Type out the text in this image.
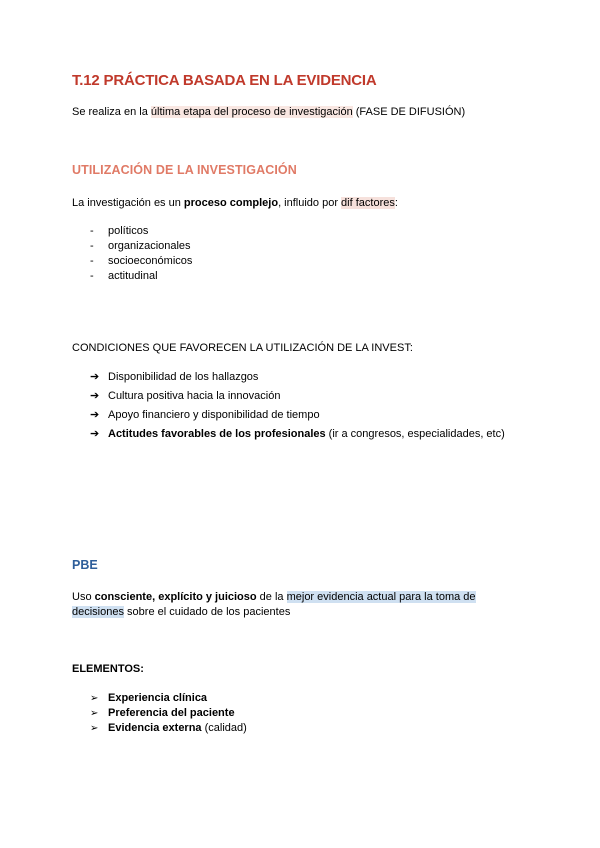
T.12 PRÁCTICA BASADA EN LA EVIDENCIA
Se realiza en la última etapa del proceso de investigación (FASE DE DIFUSIÓN)
UTILIZACIÓN DE LA INVESTIGACIÓN
La investigación es un proceso complejo, influido por dif factores:
- políticos
- organizacionales
- socioeconómicos
- actitudinal
CONDICIONES QUE FAVORECEN LA UTILIZACIÓN DE LA INVEST:
➔ Disponibilidad de los hallazgos
➔ Cultura positiva hacia la innovación
➔ Apoyo financiero y disponibilidad de tiempo
➔ Actitudes favorables de los profesionales (ir a congresos, especialidades, etc)
PBE
Uso consciente, explícito y juicioso de la mejor evidencia actual para la toma de
decisiones sobre el cuidado de los pacientes
ELEMENTOS:
➢ Experiencia clínica
➢ Preferencia del paciente
➢ Evidencia externa (calidad)
